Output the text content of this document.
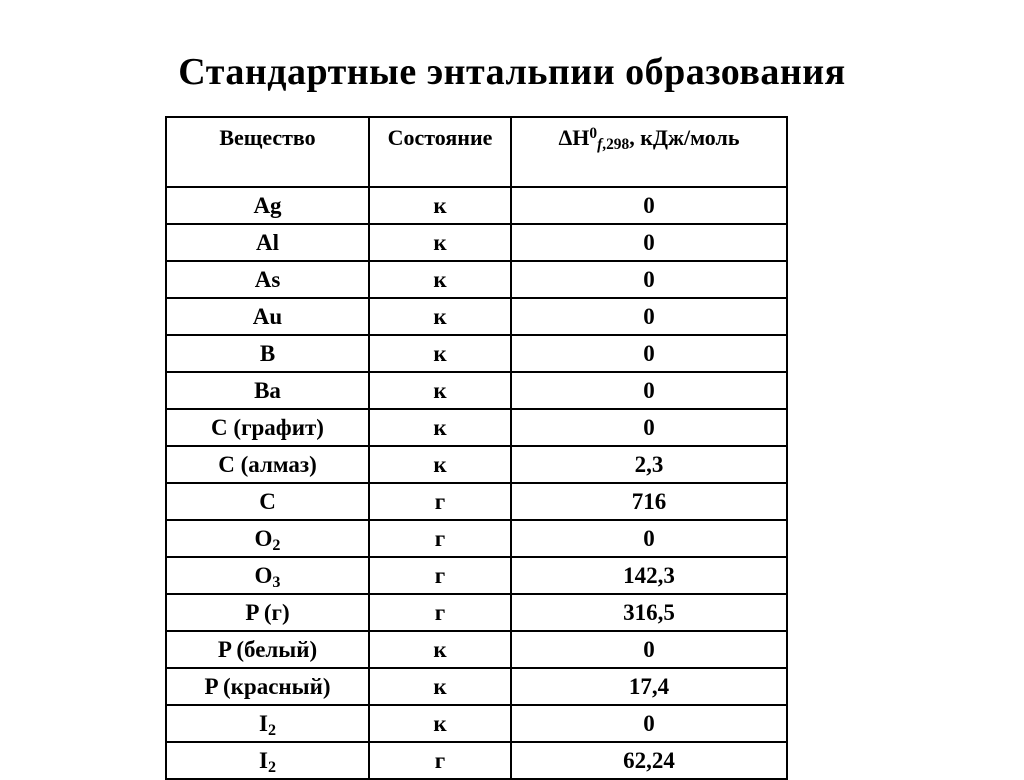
Стандартные энтальпии образования
Вещество	Состояние	$\Delta H^0f,298$, кДж/моль
Ag	к	0
Al	к	0
As	к	0
Au	к	0
B	к	0
Ba	к	0
C (графит)	к	0
C (алмаз)	к	2,3
C	г	716
$O_2$	г	0
$O_3$	г	142,3
P (г)	г	316,5
P (белый)	к	0
P (красный)	к	17,4
$I_2$	к	0
$I_2$	г	62,24
